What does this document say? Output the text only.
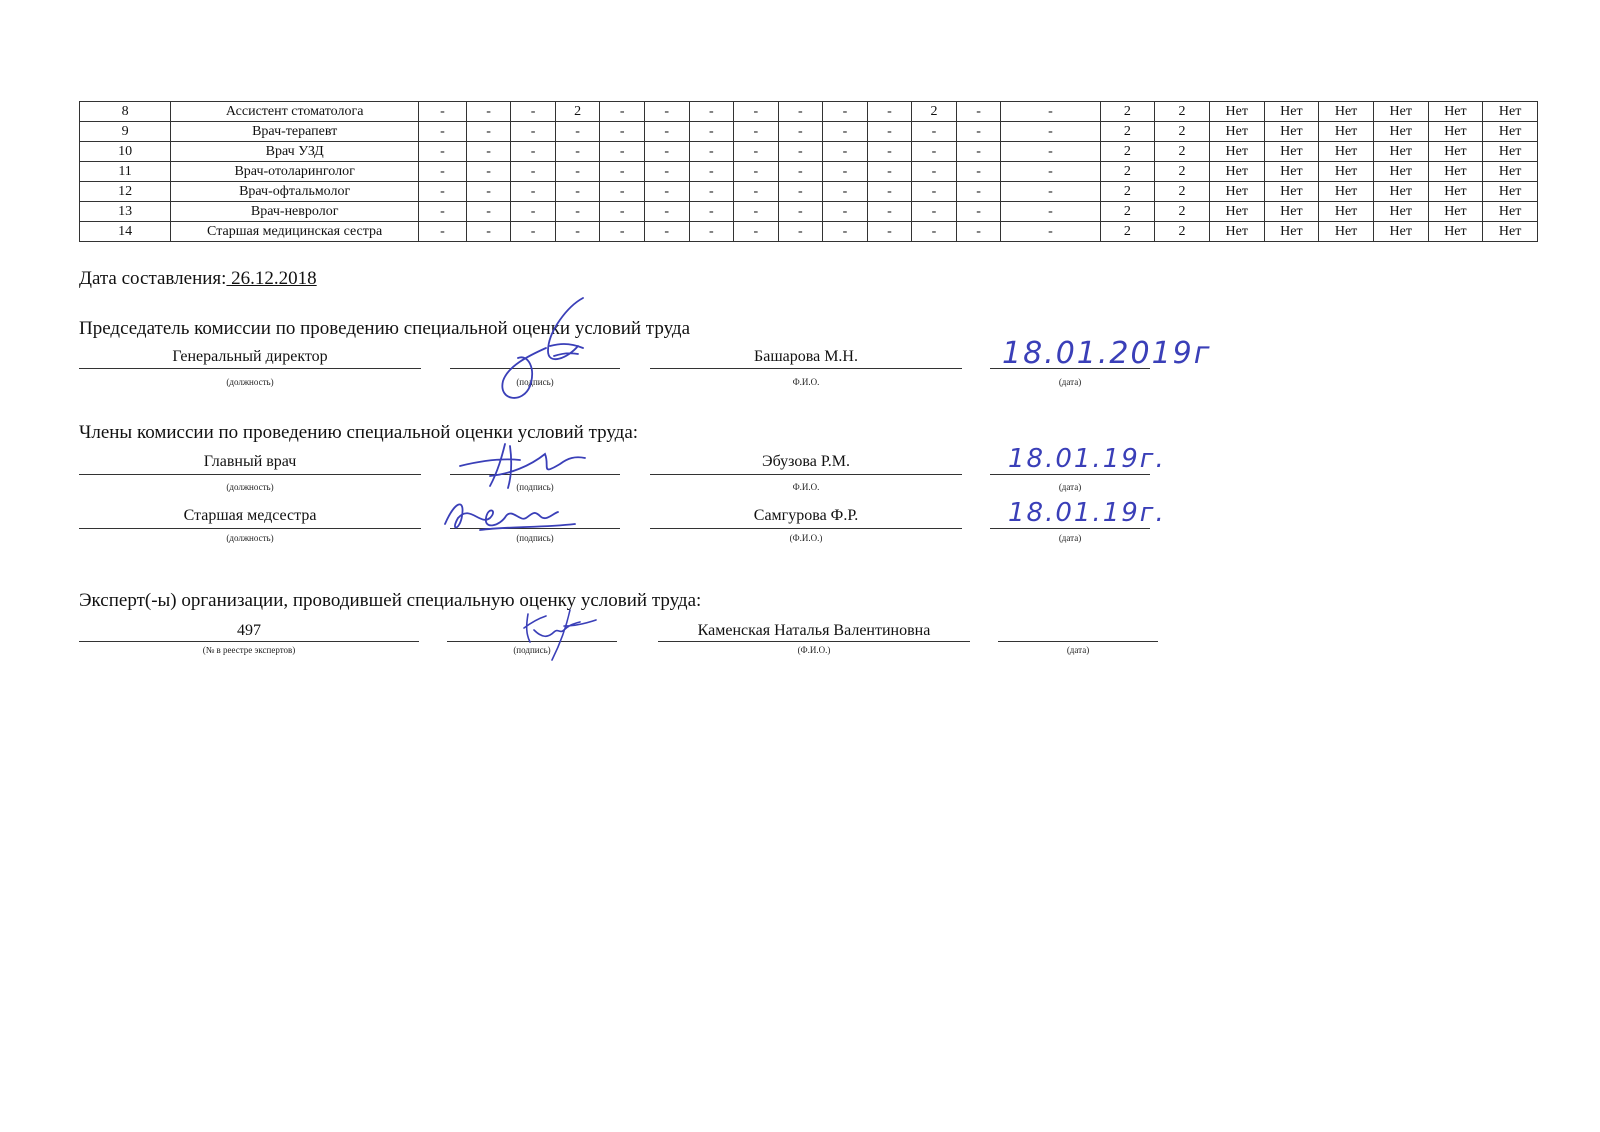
8	Ассистент стоматолога	-	-	-	2	-	-	-	-	-	-	-	2	-	-	2	2	Нет	Нет	Нет	Нет	Нет	Нет
9	Врач-терапевт	-	-	-	-	-	-	-	-	-	-	-	-	-	-	2	2	Нет	Нет	Нет	Нет	Нет	Нет
10	Врач УЗД	-	-	-	-	-	-	-	-	-	-	-	-	-	-	2	2	Нет	Нет	Нет	Нет	Нет	Нет
11	Врач-отоларинголог	-	-	-	-	-	-	-	-	-	-	-	-	-	-	2	2	Нет	Нет	Нет	Нет	Нет	Нет
12	Врач-офтальмолог	-	-	-	-	-	-	-	-	-	-	-	-	-	-	2	2	Нет	Нет	Нет	Нет	Нет	Нет
13	Врач-невролог	-	-	-	-	-	-	-	-	-	-	-	-	-	-	2	2	Нет	Нет	Нет	Нет	Нет	Нет
14	Старшая медицинская сестра	-	-	-	-	-	-	-	-	-	-	-	-	-	-	2	2	Нет	Нет	Нет	Нет	Нет	Нет
Дата составления: 26.12.2018
Председатель комиссии по проведению специальной оценки условий труда
Генеральный директор
(должность)	(подпись)
Башарова М.Н.
Ф.И.О.	(дата)
18.01.2019г
Члены комиссии по проведению специальной оценки условий труда:
Главный врач
(должность)	(подпись)
Эбузова Р.М.
Ф.И.О.	(дата)
18.01.19г.
Старшая медсестра
(должность)	(подпись)
Самгурова Ф.Р.
(Ф.И.О.)	(дата)
18.01.19г.
Эксперт(-ы) организации, проводившей специальную оценку условий труда:
497
(№ в реестре экспертов)	(подпись)
Каменская Наталья Валентиновна
(Ф.И.О.)	(дата)
